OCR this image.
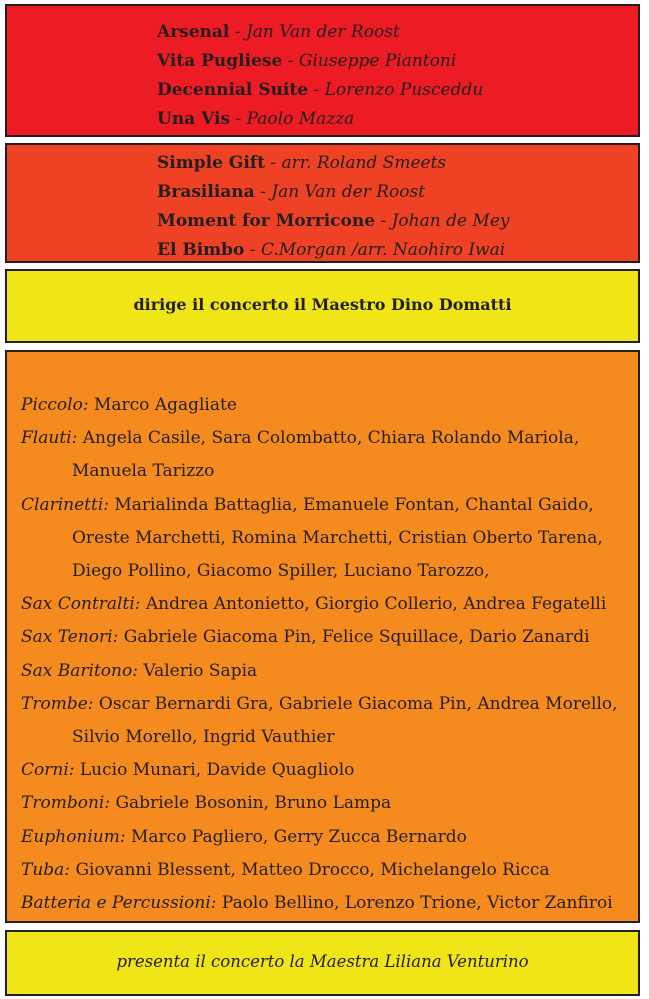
Arsenal - Jan Van der Roost
Vita Pugliese - Giuseppe Piantoni
Decennial Suite - Lorenzo Pusceddu
Una Vis - Paolo Mazza
Simple Gift - arr. Roland Smeets
Brasiliana - Jan Van der Roost
Moment for Morricone - Johan de Mey
El Bimbo - C.Morgan /arr. Naohiro Iwai
dirige il concerto il Maestro Dino Domatti
Piccolo: Marco Agagliate
Flauti: Angela Casile, Sara Colombatto, Chiara Rolando Mariola,
Manuela Tarizzo
Clarinetti: Marialinda Battaglia, Emanuele Fontan, Chantal Gaido,
Oreste Marchetti, Romina Marchetti, Cristian Oberto Tarena,
Diego Pollino, Giacomo Spiller, Luciano Tarozzo,
Sax Contralti: Andrea Antonietto, Giorgio Collerio, Andrea Fegatelli
Sax Tenori: Gabriele Giacoma Pin, Felice Squillace, Dario Zanardi
Sax Baritono: Valerio Sapia
Trombe: Oscar Bernardi Gra, Gabriele Giacoma Pin, Andrea Morello,
Silvio Morello, Ingrid Vauthier
Corni: Lucio Munari, Davide Quagliolo
Tromboni: Gabriele Bosonin, Bruno Lampa
Euphonium: Marco Pagliero, Gerry Zucca Bernardo
Tuba: Giovanni Blessent, Matteo Drocco, Michelangelo Ricca
Batteria e Percussioni: Paolo Bellino, Lorenzo Trione, Victor Zanfiroi
presenta il concerto la Maestra Liliana Venturino
